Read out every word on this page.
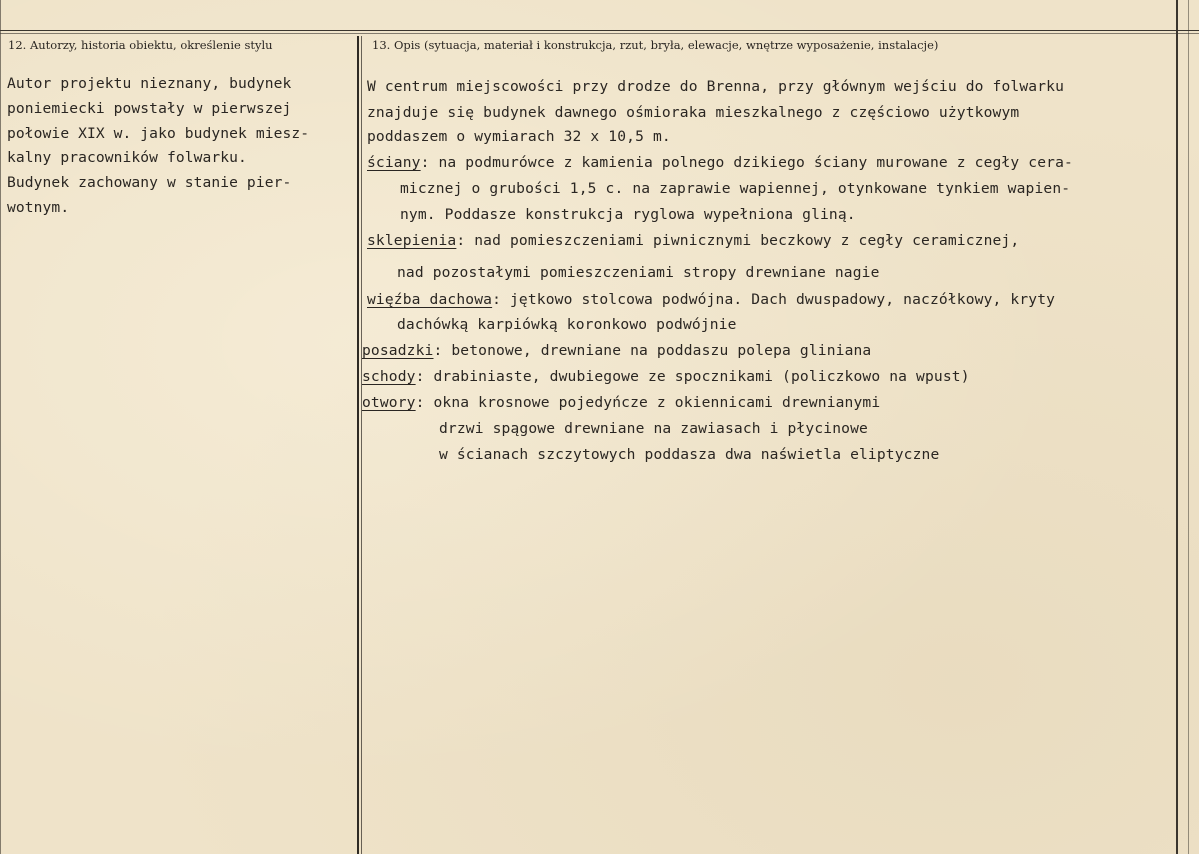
12. Autorzy, historia obiektu, określenie stylu	13. Opis (sytuacja, materiał i konstrukcja, rzut, bryła, elewacje, wnętrze wyposażenie, instalacje)
Autor projektu nieznany, budynek
poniemiecki powstały w pierwszej
połowie XIX w. jako budynek miesz-
kalny pracowników folwarku.
Budynek zachowany w stanie pier-
wotnym.
W centrum miejscowości przy drodze do Brenna, przy głównym wejściu do folwarku
znajduje się budynek dawnego ośmioraka mieszkalnego z częściowo użytkowym
poddaszem o wymiarach 32 x 10,5 m.
ściany: na podmurówce z kamienia polnego dzikiego ściany murowane z cegły cera-
micznej o grubości 1,5 c. na zaprawie wapiennej, otynkowane tynkiem wapien-
nym. Poddasze konstrukcja ryglowa wypełniona gliną.
sklepienia: nad pomieszczeniami piwnicznymi beczkowy z cegły ceramicznej,
nad pozostałymi pomieszczeniami stropy drewniane nagie
więźba dachowa: jętkowo stolcowa podwójna. Dach dwuspadowy, naczółkowy, kryty
dachówką karpiówką koronkowo podwójnie
posadzki: betonowe, drewniane na poddaszu polepa gliniana
schody: drabiniaste, dwubiegowe ze spocznikami (policzkowo na wpust)
otwory: okna krosnowe pojedyńcze z okiennicami drewnianymi
drzwi spągowe drewniane na zawiasach i płycinowe
w ścianach szczytowych poddasza dwa naświetla eliptyczne
